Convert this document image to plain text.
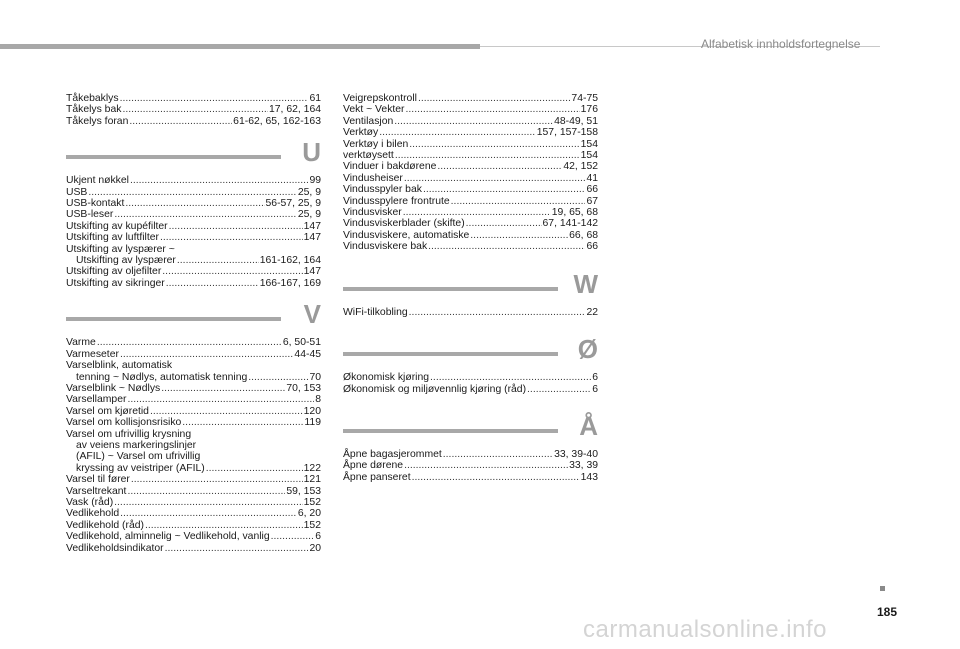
Alfabetisk innholdsfortegnelse
Tåkebaklys .....	61
Tåkelys bak .....	17, 62, 164
Tåkelys foran .....	61-62, 65, 162-163
U
Ukjent nøkkel .....	99
USB .....	25, 9
USB-kontakt .....	56-57, 25, 9
USB-leser .....	25, 9
Utskifting av kupéfilter .....	147
Utskifting av luftfilter .....	147
Utskifting av lyspærer ~
Utskifting av lyspærer .....	161-162, 164
Utskifting av oljefilter .....	147
Utskifting av sikringer .....	166-167, 169
V
Varme .....	6, 50-51
Varmeseter .....	44-45
Varselblink, automatisk
tenning ~ Nødlys, automatisk tenning .....	70
Varselblink ~ Nødlys .....	70, 153
Varsellamper .....	8
Varsel om kjøretid .....	120
Varsel om kollisjonsrisiko .....	119
Varsel om ufrivillig krysning
av veiens markeringslinjer
(AFIL) ~ Varsel om ufrivillig
kryssing av veistriper (AFIL) .....	122
Varsel til fører .....	121
Varseltrekant .....	59, 153
Vask (råd) .....	152
Vedlikehold .....	6, 20
Vedlikehold (råd) .....	152
Vedlikehold, alminnelig ~ Vedlikehold, vanlig .....	6
Vedlikeholdsindikator .....	20
Veigrepskontroll .....	74-75
Vekt ~ Vekter .....	176
Ventilasjon .....	48-49, 51
Verktøy .....	157, 157-158
Verktøy i bilen .....	154
verktøysett .....	154
Vinduer i bakdørene .....	42, 152
Vindusheiser .....	41
Vindusspyler bak .....	66
Vindusspylere frontrute .....	67
Vindusvisker .....	19, 65, 68
Vindusviskerblader (skifte) .....	67, 141-142
Vindusviskere, automatiske .....	66, 68
Vindusviskere bak .....	66
W
WiFi-tilkobling .....	22
Ø
Økonomisk kjøring .....	6
Økonomisk og miljøvennlig kjøring (råd) .....	6
Å
Åpne bagasjerommet .....	33, 39-40
Åpne dørene .....	33, 39
Åpne panseret .....	143
185
carmanualsonline.info
